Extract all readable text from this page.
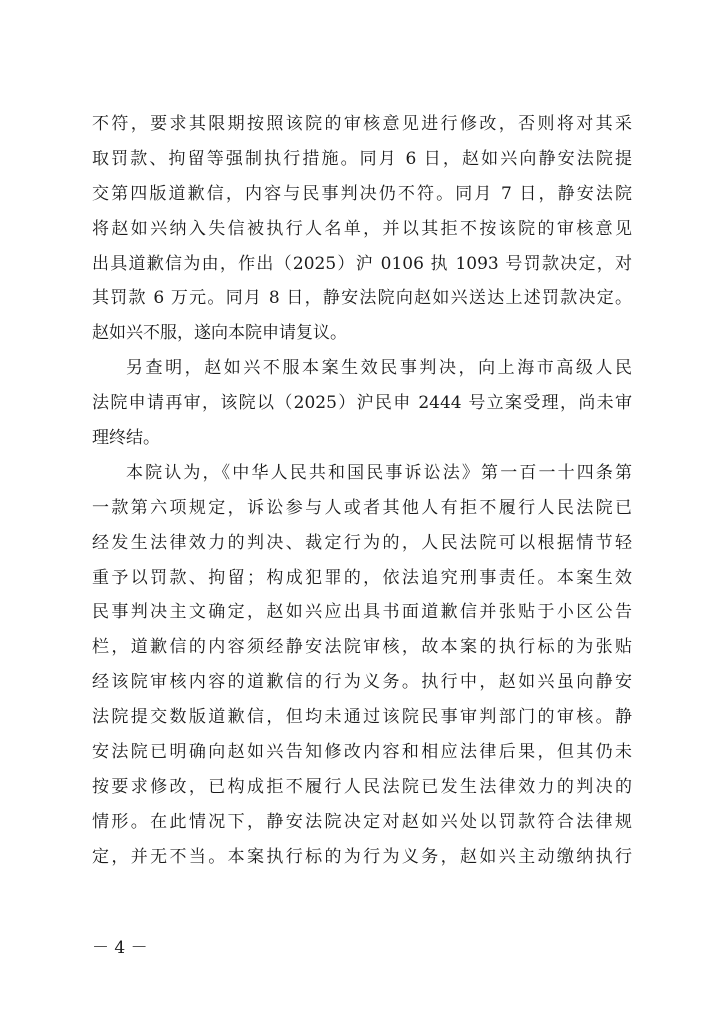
不符，要求其限期按照该院的审核意见进行修改，否则将对其采
取罚款、拘留等强制执行措施。同月 6 日，赵如兴向静安法院提
交第四版道歉信，内容与民事判决仍不符。同月 7 日，静安法院
将赵如兴纳入失信被执行人名单，并以其拒不按该院的审核意见
出具道歉信为由，作出（2025）沪 0106 执 1093 号罚款决定，对
其罚款 6 万元。同月 8 日，静安法院向赵如兴送达上述罚款决定。
赵如兴不服，遂向本院申请复议。
另查明，赵如兴不服本案生效民事判决，向上海市高级人民
法院申请再审，该院以（2025）沪民申 2444 号立案受理，尚未审
理终结。
本院认为，《中华人民共和国民事诉讼法》第一百一十四条第
一款第六项规定，诉讼参与人或者其他人有拒不履行人民法院已
经发生法律效力的判决、裁定行为的，人民法院可以根据情节轻
重予以罚款、拘留；构成犯罪的，依法追究刑事责任。本案生效
民事判决主文确定，赵如兴应出具书面道歉信并张贴于小区公告
栏，道歉信的内容须经静安法院审核，故本案的执行标的为张贴
经该院审核内容的道歉信的行为义务。执行中，赵如兴虽向静安
法院提交数版道歉信，但均未通过该院民事审判部门的审核。静
安法院已明确向赵如兴告知修改内容和相应法律后果，但其仍未
按要求修改，已构成拒不履行人民法院已发生法律效力的判决的
情形。在此情况下，静安法院决定对赵如兴处以罚款符合法律规
定，并无不当。本案执行标的为行为义务，赵如兴主动缴纳执行
－ 4 －
